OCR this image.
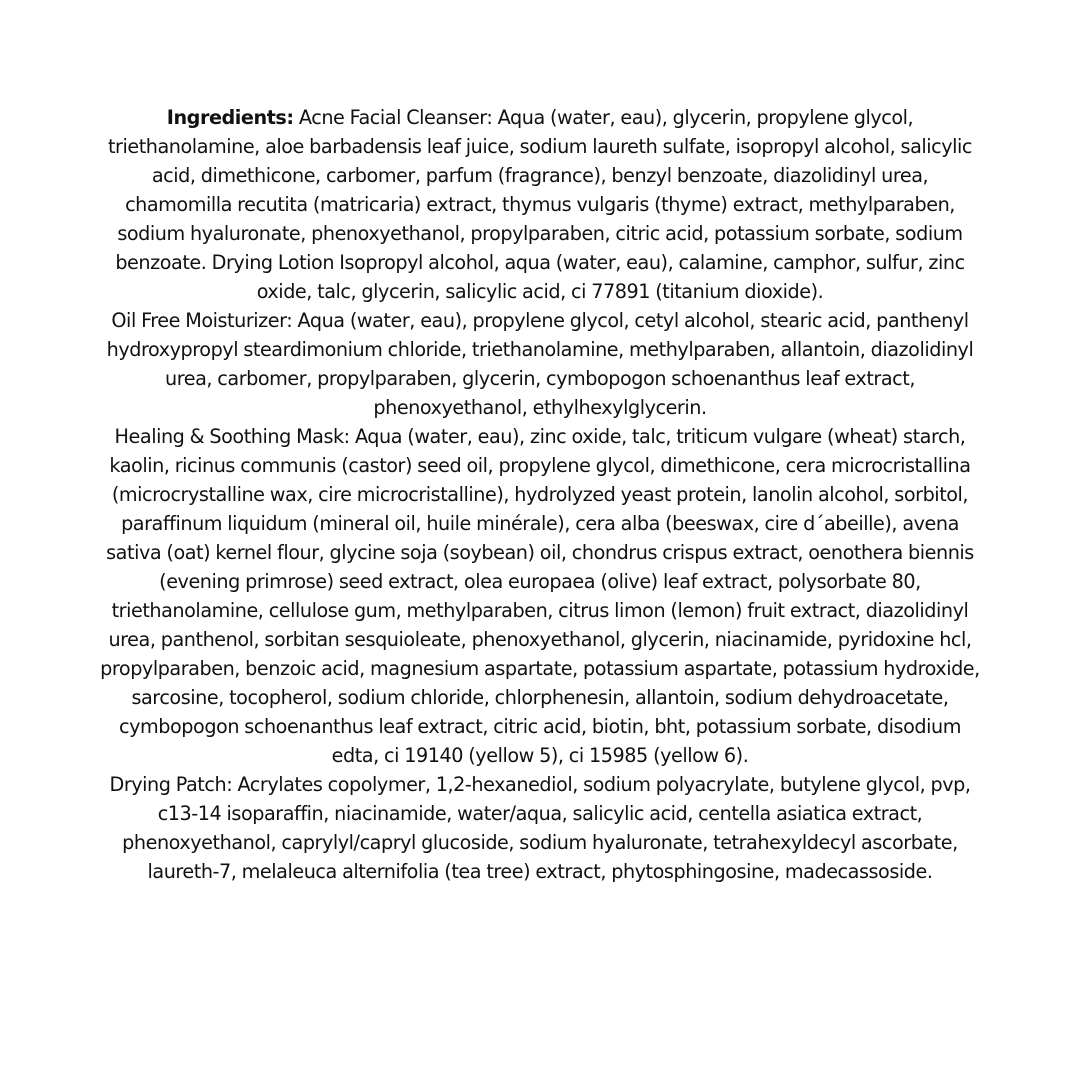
Ingredients: Acne Facial Cleanser: Aqua (water, eau), glycerin, propylene glycol, triethanolamine, aloe barbadensis leaf juice, sodium laureth sulfate, isopropyl alcohol, salicylic acid, dimethicone, carbomer, parfum (fragrance), benzyl benzoate, diazolidinyl urea, chamomilla recutita (matricaria) extract, thymus vulgaris (thyme) extract, methylparaben, sodium hyaluronate, phenoxyethanol, propylparaben, citric acid, potassium sorbate, sodium benzoate. Drying Lotion Isopropyl alcohol, aqua (water, eau), calamine, camphor, sulfur, zinc oxide, talc, glycerin, salicylic acid, ci 77891 (titanium dioxide).

Oil Free Moisturizer: Aqua (water, eau), propylene glycol, cetyl alcohol, stearic acid, panthenyl hydroxypropyl steardimonium chloride, triethanolamine, methylparaben, allantoin, diazolidinyl urea, carbomer, propylparaben, glycerin, cymbopogon schoenanthus leaf extract, phenoxyethanol, ethylhexylglycerin.

Healing & Soothing Mask: Aqua (water, eau), zinc oxide, talc, triticum vulgare (wheat) starch, kaolin, ricinus communis (castor) seed oil, propylene glycol, dimethicone, cera microcristallina (microcrystalline wax, cire microcristalline), hydrolyzed yeast protein, lanolin alcohol, sorbitol, paraffinum liquidum (mineral oil, huile minérale), cera alba (beeswax, cire d´abeille), avena sativa (oat) kernel flour, glycine soja (soybean) oil, chondrus crispus extract, oenothera biennis (evening primrose) seed extract, olea europaea (olive) leaf extract, polysorbate 80, triethanolamine, cellulose gum, methylparaben, citrus limon (lemon) fruit extract, diazolidinyl urea, panthenol, sorbitan sesquioleate, phenoxyethanol, glycerin, niacinamide, pyridoxine hcl, propylparaben, benzoic acid, magnesium aspartate, potassium aspartate, potassium hydroxide, sarcosine, tocopherol, sodium chloride, chlorphenesin, allantoin, sodium dehydroacetate, cymbopogon schoenanthus leaf extract, citric acid, biotin, bht, potassium sorbate, disodium edta, ci 19140 (yellow 5), ci 15985 (yellow 6).

Drying Patch: Acrylates copolymer, 1,2-hexanediol, sodium polyacrylate, butylene glycol, pvp, c13-14 isoparaffin, niacinamide, water/aqua, salicylic acid, centella asiatica extract, phenoxyethanol, caprylyl/capryl glucoside, sodium hyaluronate, tetrahexyldecyl ascorbate, laureth-7, melaleuca alternifolia (tea tree) extract, phytosphingosine, madecassoside.
